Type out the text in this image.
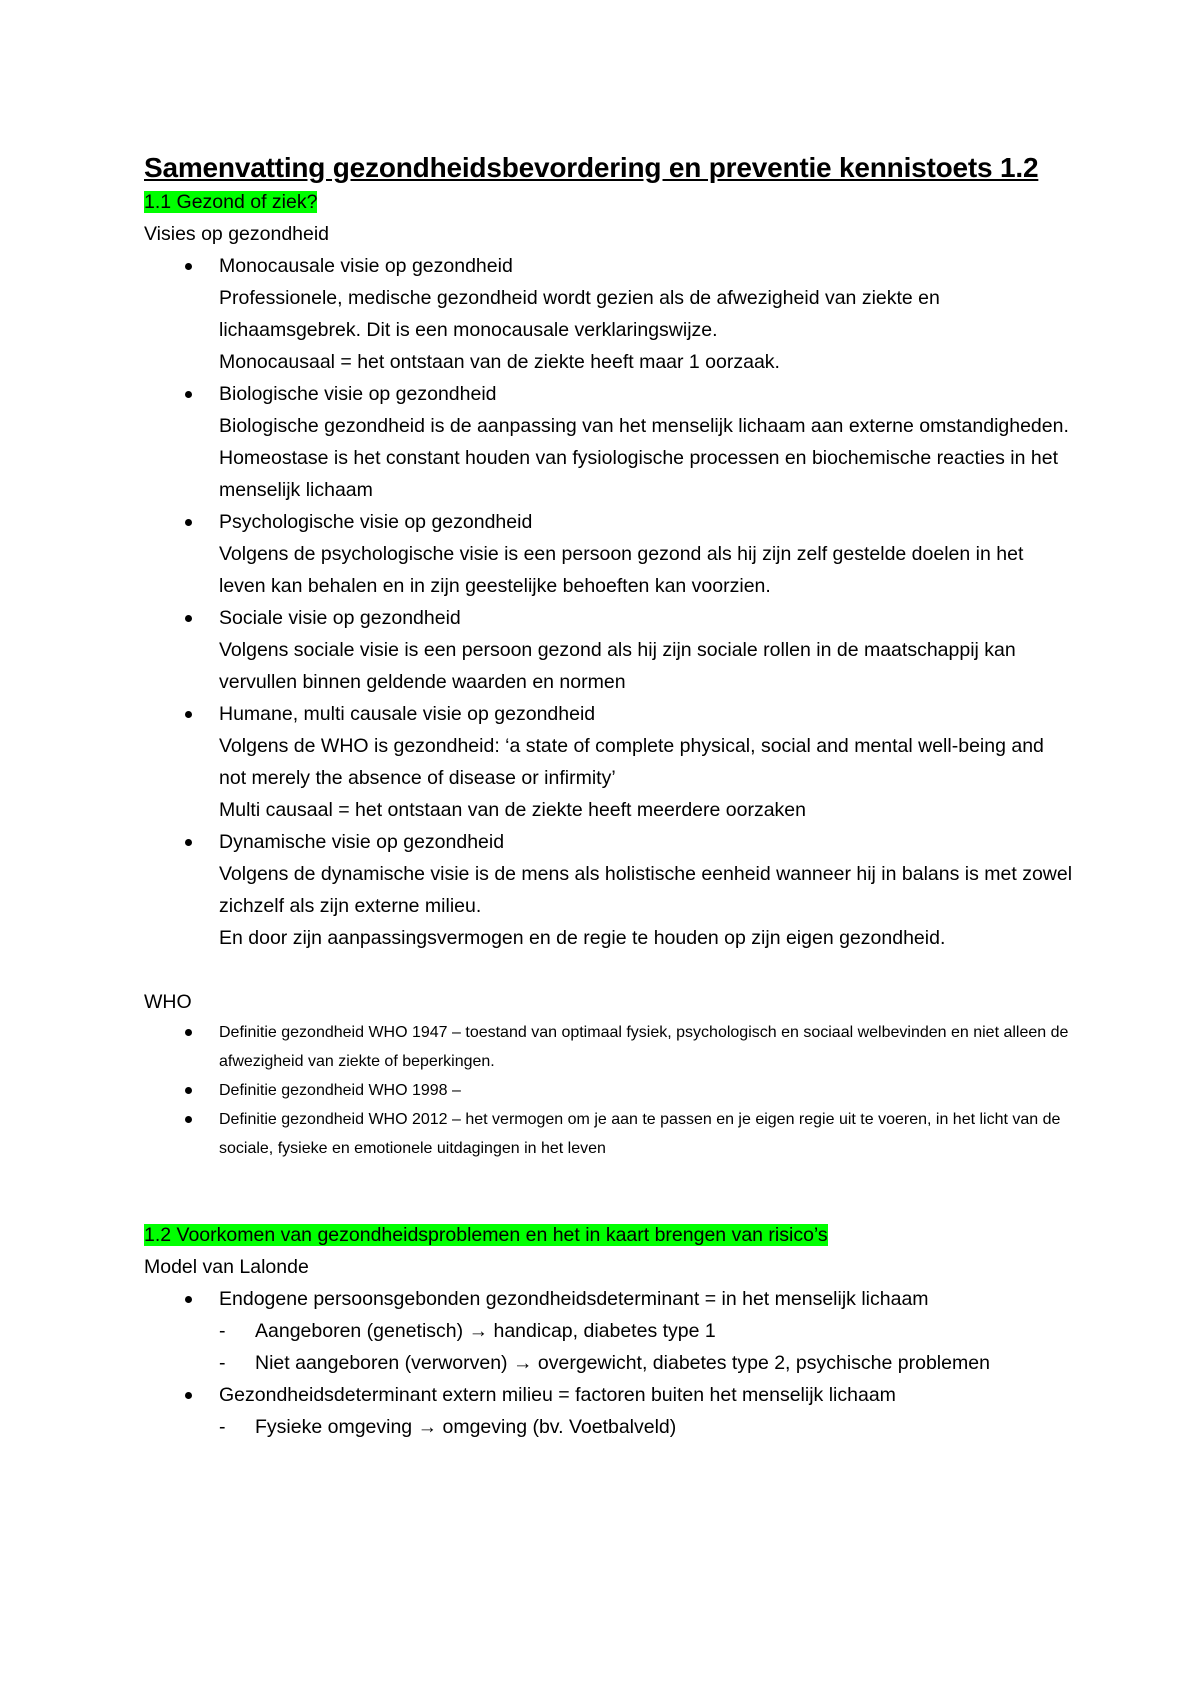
Samenvatting gezondheidsbevordering en preventie kennistoets 1.2

1.1 Gezond of ziek?

Visies op gezondheid

Monocausale visie op gezondheid
Professionele, medische gezondheid wordt gezien als de afwezigheid van ziekte en lichaamsgebrek. Dit is een monocausale verklaringswijze.
Monocausaal = het ontstaan van de ziekte heeft maar 1 oorzaak.
Biologische visie op gezondheid
Biologische gezondheid is de aanpassing van het menselijk lichaam aan externe omstandigheden.
Homeostase is het constant houden van fysiologische processen en biochemische reacties in het menselijk lichaam
Psychologische visie op gezondheid
Volgens de psychologische visie is een persoon gezond als hij zijn zelf gestelde doelen in het leven kan behalen en in zijn geestelijke behoeften kan voorzien.
Sociale visie op gezondheid
Volgens sociale visie is een persoon gezond als hij zijn sociale rollen in de maatschappij kan vervullen binnen geldende waarden en normen
Humane, multi causale visie op gezondheid
Volgens de WHO is gezondheid: ‘a state of complete physical, social and mental well-being and not merely the absence of disease or infirmity’
Multi causaal = het ontstaan van de ziekte heeft meerdere oorzaken
Dynamische visie op gezondheid
Volgens de dynamische visie is de mens als holistische eenheid wanneer hij in balans is met zowel zichzelf als zijn externe milieu.
En door zijn aanpassingsvermogen en de regie te houden op zijn eigen gezondheid.

WHO

Definitie gezondheid WHO 1947 – toestand van optimaal fysiek, psychologisch en sociaal welbevinden en niet alleen de afwezigheid van ziekte of beperkingen.
Definitie gezondheid WHO 1998 –
Definitie gezondheid WHO 2012 – het vermogen om je aan te passen en je eigen regie uit te voeren, in het licht van de sociale, fysieke en emotionele uitdagingen in het leven

1.2 Voorkomen van gezondheidsproblemen en het in kaart brengen van risico’s

Model van Lalonde

Endogene persoonsgebonden gezondheidsdeterminant = in het menselijk lichaam
- Aangeboren (genetisch) → handicap, diabetes type 1
- Niet aangeboren (verworven) → overgewicht, diabetes type 2, psychische problemen
Gezondheidsdeterminant extern milieu = factoren buiten het menselijk lichaam
- Fysieke omgeving → omgeving (bv. Voetbalveld)
